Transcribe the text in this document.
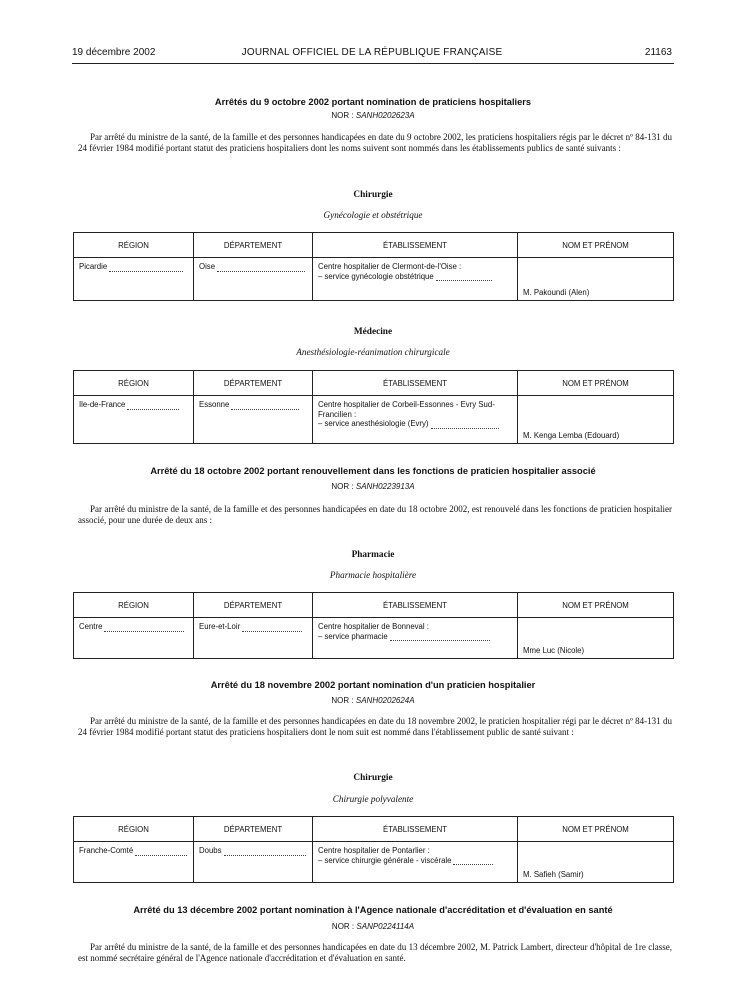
19 décembre 2002	JOURNAL OFFICIEL DE LA RÉPUBLIQUE FRANÇAISE	21163
Arrêtés du 9 octobre 2002 portant nomination de praticiens hospitaliers
NOR : SANH0202623A
Par arrêté du ministre de la santé, de la famille et des personnes handicapées en date du 9 octobre 2002, les praticiens hospitaliers régis par le décret nº 84-131 du 24 février 1984 modifié portant statut des praticiens hospitaliers dont les noms suivent sont nommés dans les établissements publics de santé suivants :
Chirurgie
Gynécologie et obstétrique
RÉGION	DÉPARTEMENT	ÉTABLISSEMENT	NOM ET PRÉNOM
Picardie	Oise	Centre hospitalier de Clermont-de-l'Oise :
– service gynécologie obstétrique	M. Pakoundi (Alen)
Médecine
Anesthésiologie-réanimation chirurgicale
RÉGION	DÉPARTEMENT	ÉTABLISSEMENT	NOM ET PRÉNOM
Ile-de-France	Essonne	Centre hospitalier de Corbeil-Essonnes - Evry Sud-
Francilien :
– service anesthésiologie (Evry)	M. Kenga Lemba (Edouard)
Arrêté du 18 octobre 2002 portant renouvellement dans les fonctions de praticien hospitalier associé
NOR : SANH0223913A
Par arrêté du ministre de la santé, de la famille et des personnes handicapées en date du 18 octobre 2002, est renouvelé dans les fonctions de praticien hospitalier associé, pour une durée de deux ans :
Pharmacie
Pharmacie hospitalière
RÉGION	DÉPARTEMENT	ÉTABLISSEMENT	NOM ET PRÉNOM
Centre	Eure-et-Loir	Centre hospitalier de Bonneval :
– service pharmacie	Mme Luc (Nicole)
Arrêté du 18 novembre 2002 portant nomination d'un praticien hospitalier
NOR : SANH0202624A
Par arrêté du ministre de la santé, de la famille et des personnes handicapées en date du 18 novembre 2002, le praticien hospitalier régi par le décret nº 84-131 du 24 février 1984 modifié portant statut des praticiens hospitaliers dont le nom suit est nommé dans l'établissement public de santé suivant :
Chirurgie
Chirurgie polyvalente
RÉGION	DÉPARTEMENT	ÉTABLISSEMENT	NOM ET PRÉNOM
Franche-Comté	Doubs	Centre hospitalier de Pontarlier :
– service chirurgie générale - viscérale	M. Safieh (Samir)
Arrêté du 13 décembre 2002 portant nomination à l'Agence nationale d'accréditation et d'évaluation en santé
NOR : SANP0224114A
Par arrêté du ministre de la santé, de la famille et des personnes handicapées en date du 13 décembre 2002, M. Patrick Lambert, directeur d'hôpital de 1re classe, est nommé secrétaire général de l'Agence nationale d'accréditation et d'évaluation en santé.
